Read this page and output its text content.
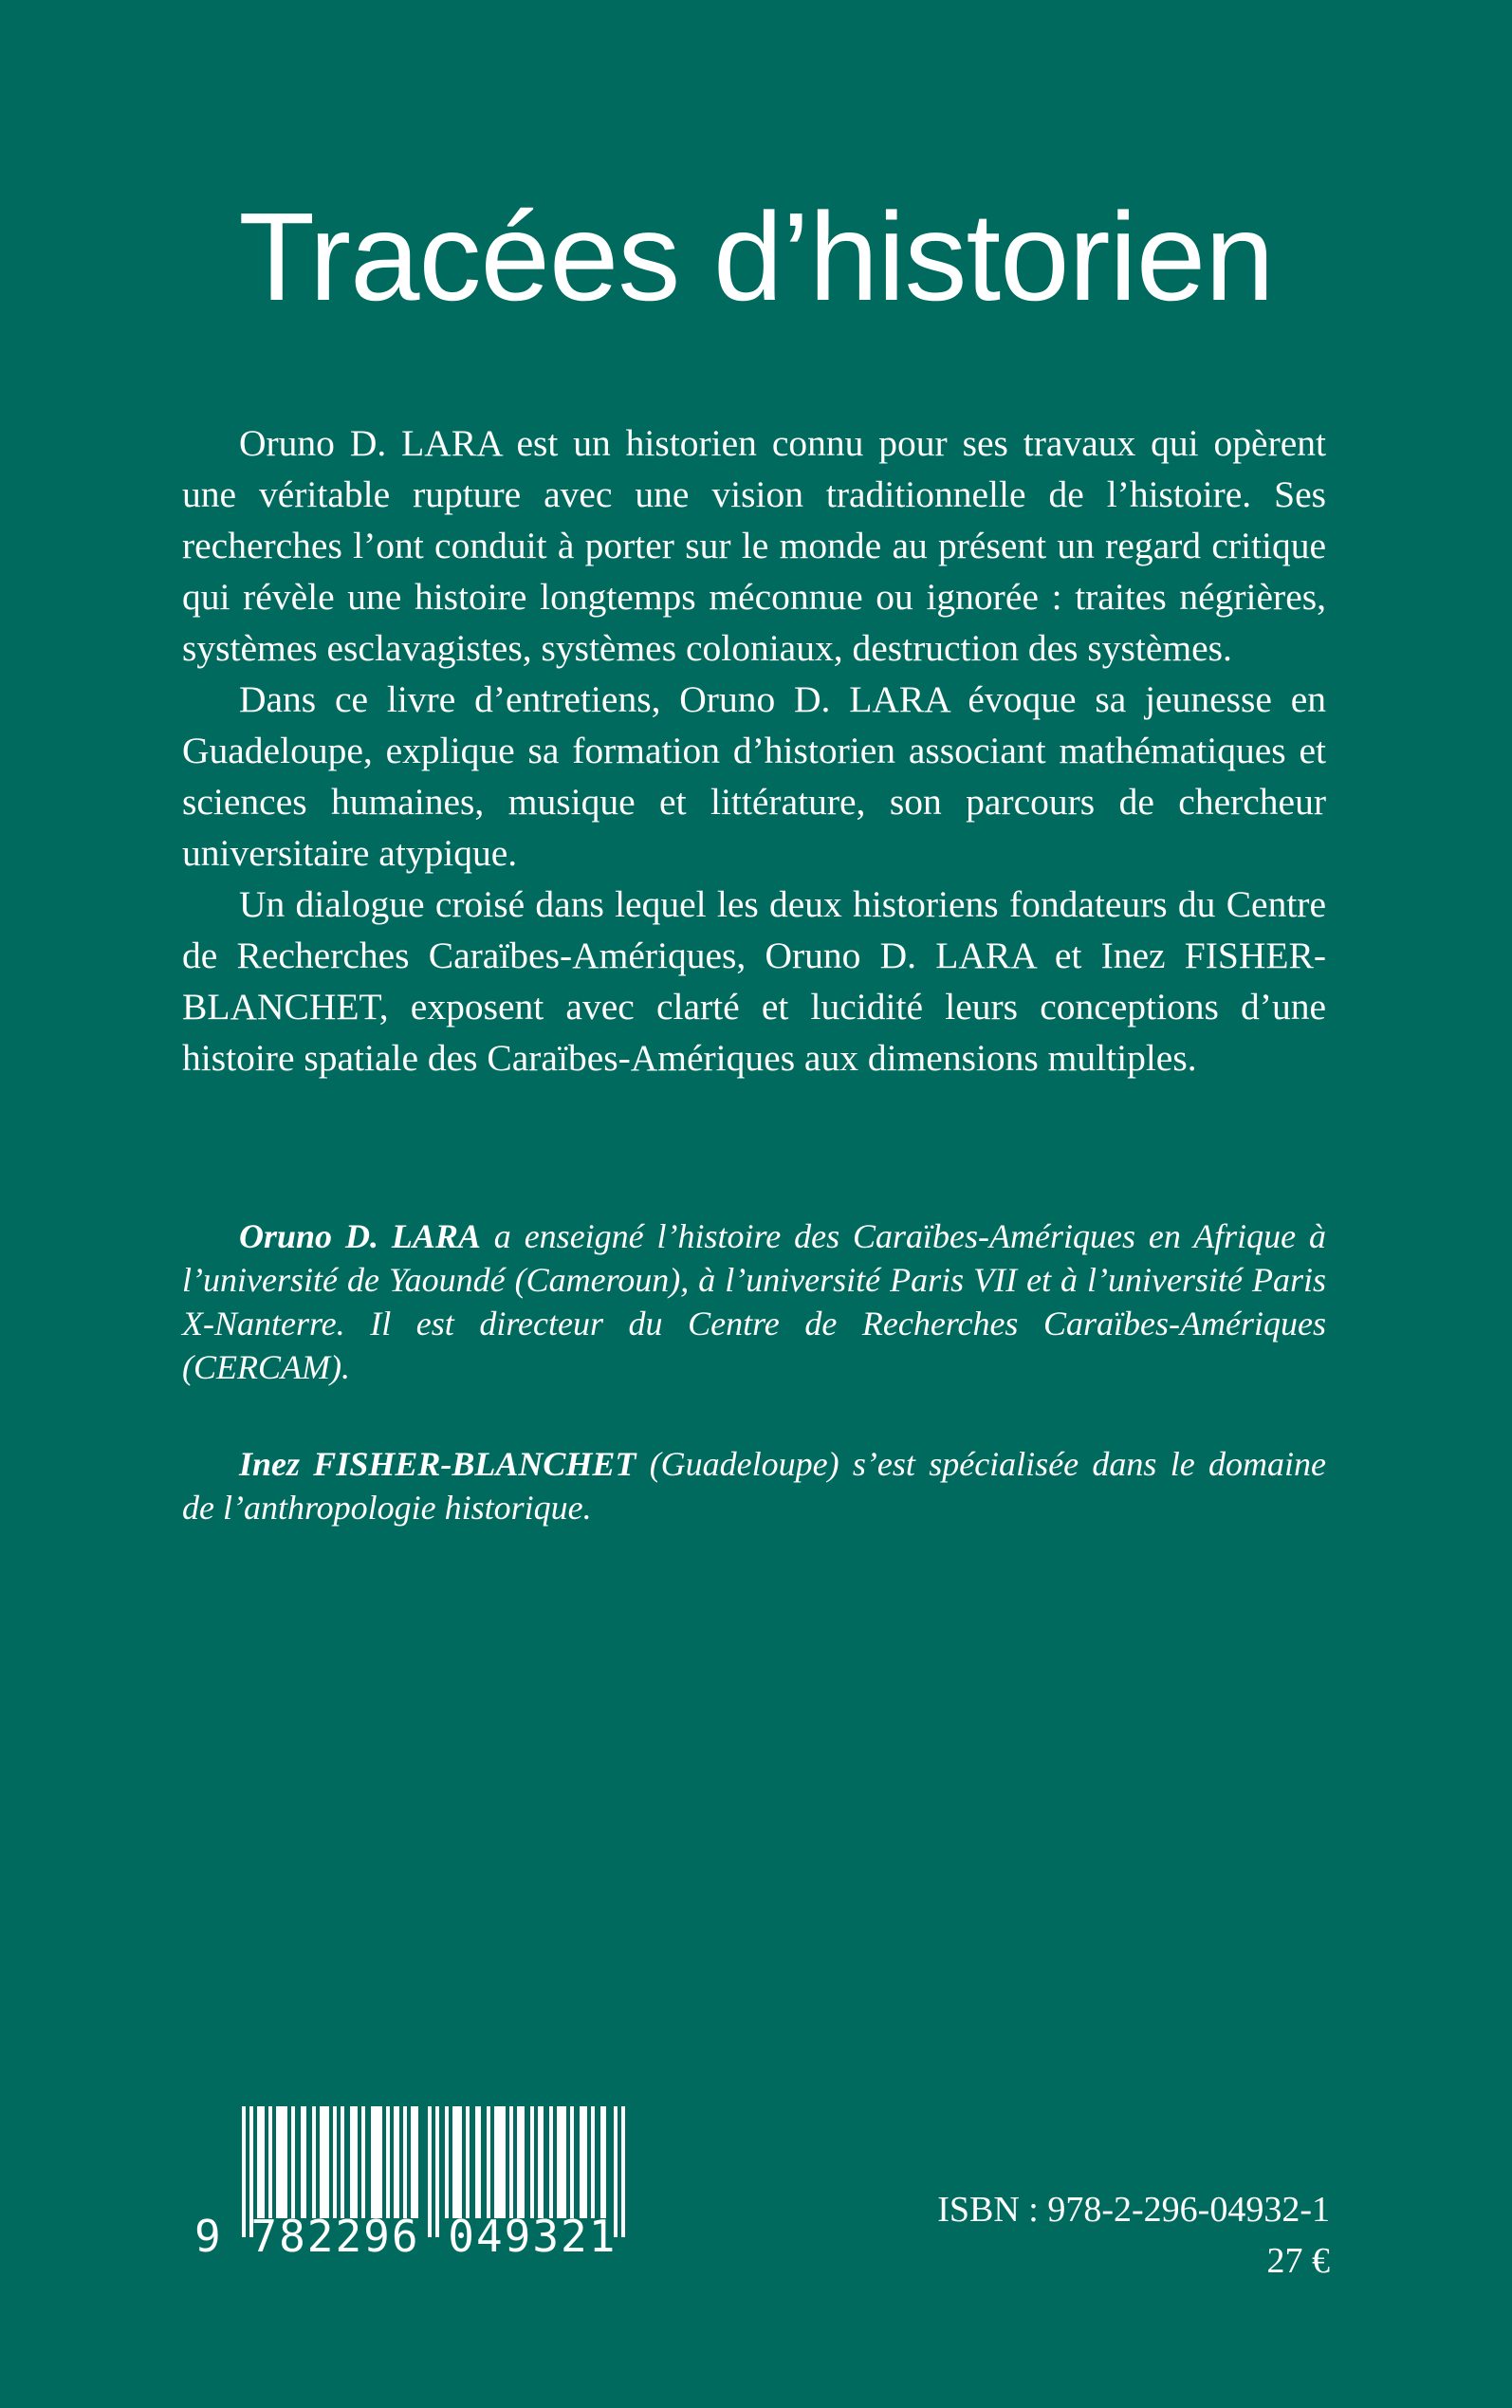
Tracées d’historien

Oruno D. LARA est un historien connu pour ses travaux qui opèrent une véritable rupture avec une vision traditionnelle de l’histoire. Ses recherches l’ont conduit à porter sur le monde au présent un regard critique qui révèle une histoire longtemps méconnue ou ignorée : traites négrières, systèmes esclavagistes, systèmes coloniaux, destruction des systèmes.

Dans ce livre d’entretiens, Oruno D. LARA évoque sa jeunesse en Guadeloupe, explique sa formation d’historien associant mathématiques et sciences humaines, musique et littérature, son parcours de chercheur universitaire atypique.

Un dialogue croisé dans lequel les deux historiens fondateurs du Centre de Recherches Caraïbes-Amériques, Oruno D. LARA et Inez FISHER-BLANCHET, exposent avec clarté et lucidité leurs conceptions d’une histoire spatiale des Caraïbes-Amériques aux dimensions multiples.

Oruno D. LARA a enseigné l’histoire des Caraïbes-Amériques en Afrique à l’université de Yaoundé (Cameroun), à l’université Paris VII et à l’université Paris X-Nanterre. Il est directeur du Centre de Recherches Caraïbes-Amériques (CERCAM).

Inez FISHER-BLANCHET (Guadeloupe) s’est spécialisée dans le domaine de l’anthropologie historique.

9 782296 049321

ISBN : 978-2-296-04932-1

27 €
